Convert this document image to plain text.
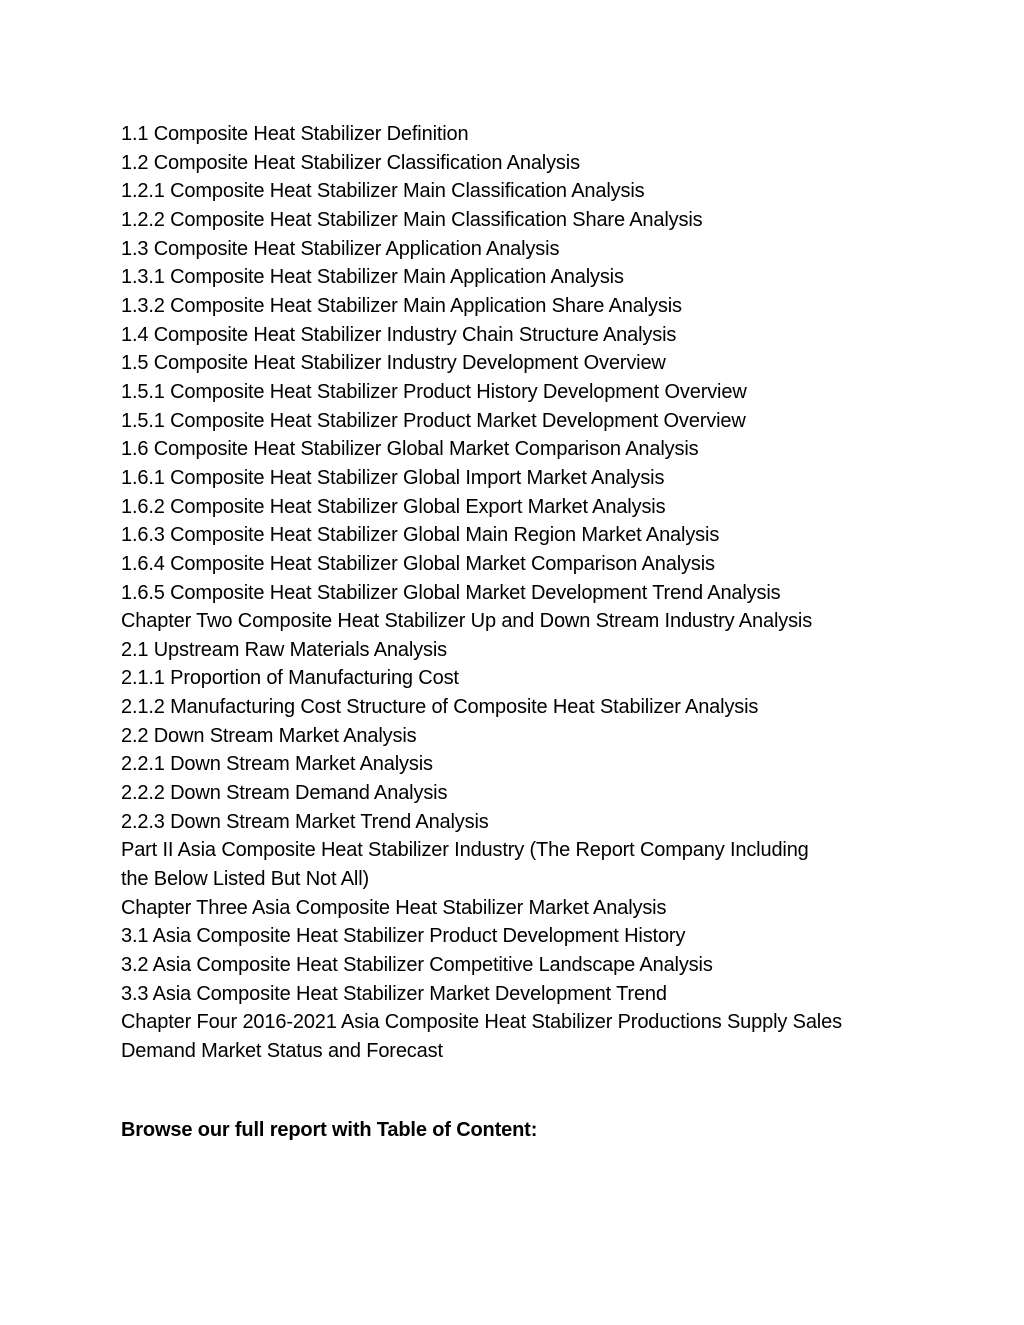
1.1 Composite Heat Stabilizer Definition
1.2 Composite Heat Stabilizer Classification Analysis
1.2.1 Composite Heat Stabilizer Main Classification Analysis
1.2.2 Composite Heat Stabilizer Main Classification Share Analysis
1.3 Composite Heat Stabilizer Application Analysis
1.3.1 Composite Heat Stabilizer Main Application Analysis
1.3.2 Composite Heat Stabilizer Main Application Share Analysis
1.4 Composite Heat Stabilizer Industry Chain Structure Analysis
1.5 Composite Heat Stabilizer Industry Development Overview
1.5.1 Composite Heat Stabilizer Product History Development Overview
1.5.1 Composite Heat Stabilizer Product Market Development Overview
1.6 Composite Heat Stabilizer Global Market Comparison Analysis
1.6.1 Composite Heat Stabilizer Global Import Market Analysis
1.6.2 Composite Heat Stabilizer Global Export Market Analysis
1.6.3 Composite Heat Stabilizer Global Main Region Market Analysis
1.6.4 Composite Heat Stabilizer Global Market Comparison Analysis
1.6.5 Composite Heat Stabilizer Global Market Development Trend Analysis
Chapter Two Composite Heat Stabilizer Up and Down Stream Industry Analysis
2.1 Upstream Raw Materials Analysis
2.1.1 Proportion of Manufacturing Cost
2.1.2 Manufacturing Cost Structure of Composite Heat Stabilizer Analysis
2.2 Down Stream Market Analysis
2.2.1 Down Stream Market Analysis
2.2.2 Down Stream Demand Analysis
2.2.3 Down Stream Market Trend Analysis
Part II Asia Composite Heat Stabilizer Industry (The Report Company Including
the Below Listed But Not All)
Chapter Three Asia Composite Heat Stabilizer Market Analysis
3.1 Asia Composite Heat Stabilizer Product Development History
3.2 Asia Composite Heat Stabilizer Competitive Landscape Analysis
3.3 Asia Composite Heat Stabilizer Market Development Trend
Chapter Four 2016-2021 Asia Composite Heat Stabilizer Productions Supply Sales
Demand Market Status and Forecast

Browse our full report with Table of Content:
